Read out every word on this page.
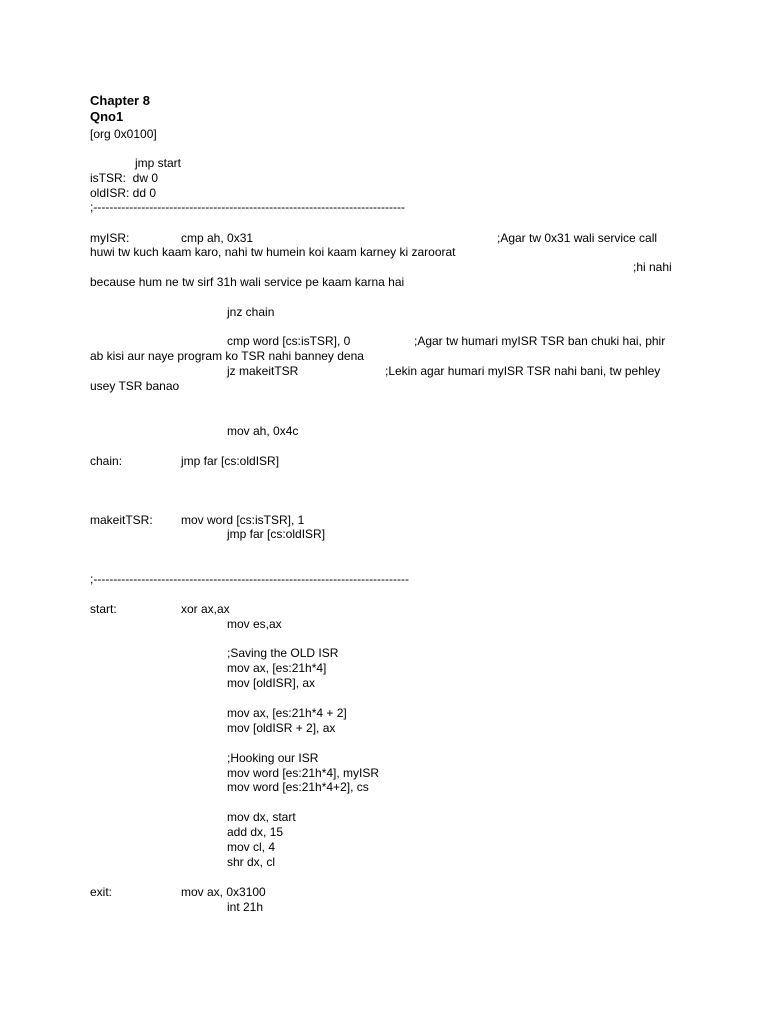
Chapter 8
Qno1
[org 0x0100]
jmp start
isTSR:  dw 0
oldISR: dd 0
;------------------------------------------------------------------------------
myISR:	cmp ah, 0x31	;Agar tw 0x31 wali service call
huwi tw kuch kaam karo, nahi tw humein koi kaam karney ki zaroorat
;hi nahi
because hum ne tw sirf 31h wali service pe kaam karna hai
jnz chain
cmp word [cs:isTSR], 0	;Agar tw humari myISR TSR ban chuki hai, phir
ab kisi aur naye program ko TSR nahi banney dena
jz makeitTSR	;Lekin agar humari myISR TSR nahi bani, tw pehley
usey TSR banao
mov ah, 0x4c
chain:	jmp far [cs:oldISR]
makeitTSR: mov word [cs:isTSR], 1
jmp far [cs:oldISR]
;-------------------------------------------------------------------------------
start:	xor ax,ax
mov es,ax
;Saving the OLD ISR
mov ax, [es:21h*4]
mov [oldISR], ax
mov ax, [es:21h*4 + 2]
mov [oldISR + 2], ax
;Hooking our ISR
mov word [es:21h*4], myISR
mov word [es:21h*4+2], cs
mov dx, start
add dx, 15
mov cl, 4
shr dx, cl
exit:	mov ax, 0x3100
int 21h
